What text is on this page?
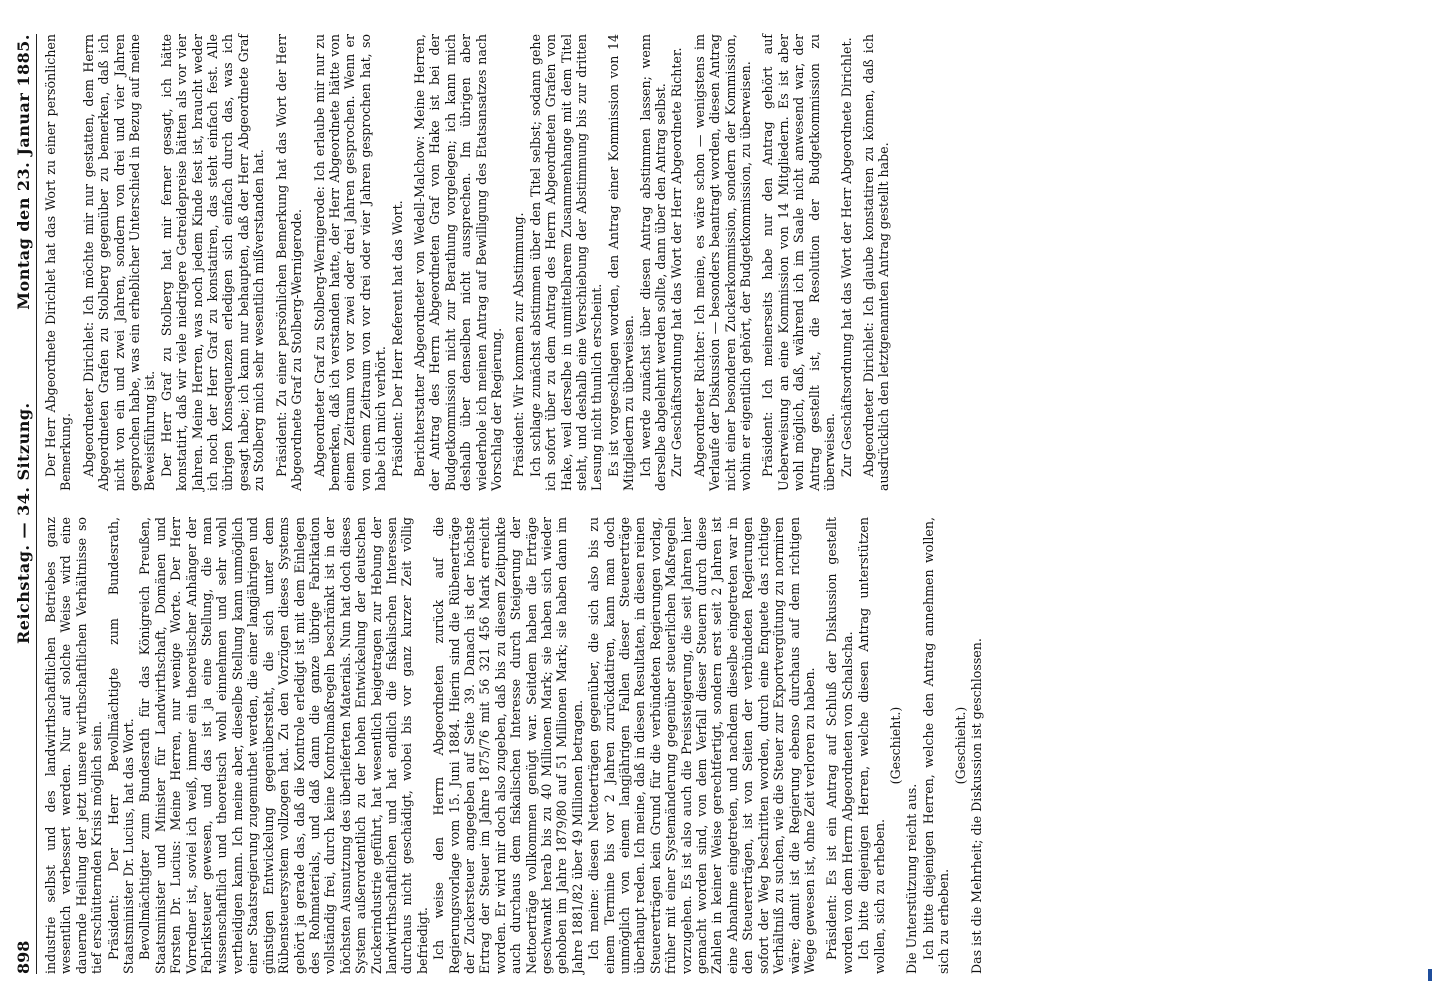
898
Reichstag. — 34. Sitzung.
Montag den 23. Januar 1885.

industrie selbst und des landwirthschaftlichen Betriebes ganz wesentlich verbessert werden. Nur auf solche Weise wird eine dauernde Heilung der jetzt unsere wirthschaftlichen Verhältnisse so tief erschütternden Krisis möglich sein. Präsident: Der Herr Bevollmächtigte zum Bundesrath, Staatsminister Dr. Lucius, hat das Wort. Bevollmächtigter zum Bundesrath für das Königreich Preußen, Staatsminister und Minister für Landwirthschaft, Domänen und Forsten Dr. Lucius: Meine Herren, nur wenige Worte. Der Herr Vorredner ist, soviel ich weiß, immer ein theoretischer Anhänger der Fabriksteuer gewesen, und das ist ja eine Stellung, die man wissenschaftlich und theoretisch wohl einnehmen und sehr wohl vertheidigen kann. Ich meine aber, dieselbe Stellung kann unmöglich einer Staatsregierung zugemuthet werden, die einer langjährigen und günstigen Entwickelung gegenübersteht, die sich unter dem Rübensteuersystem vollzogen hat. Zu den Vorzügen dieses Systems gehört ja gerade das, daß die Kontrole erledigt ist mit dem Einlegen des Rohmaterials, und daß dann die ganze übrige Fabrikation vollständig frei, durch keine Kontrolmaßregeln beschränkt ist in der höchsten Ausnutzung des überlieferten Materials. Nun hat doch dieses System außerordentlich zu der hohen Entwickelung der deutschen Zuckerindustrie geführt, hat wesentlich beigetragen zur Hebung der landwirthschaftlichen und hat endlich die fiskalischen Interessen durchaus nicht geschädigt, wobei bis vor ganz kurzer Zeit völlig befriedigt. Ich weise den Herrn Abgeordneten zurück auf die Regierungsvorlage vom 15. Juni 1884. Hierin sind die Rübenerträge der Zuckersteuer angegeben auf Seite 39. Danach ist der höchste Ertrag der Steuer im Jahre 1875/76 mit 56 321 456 Mark erreicht worden. Er wird mir doch also zugeben, daß bis zu diesem Zeitpunkte auch durchaus dem fiskalischen Interesse durch Steigerung der Nettoerträge vollkommen genügt war. Seitdem haben die Erträge geschwankt herab bis zu 40 Millionen Mark; sie haben sich wieder gehoben im Jahre 1879/80 auf 51 Millionen Mark; sie haben dann im Jahre 1881/82 über 49 Millionen betragen. Ich meine: diesen Nettoerträgen gegenüber, die sich also bis zu einem Termine bis vor 2 Jahren zurückdatiren, kann man doch unmöglich von einem langjährigen Fallen dieser Steuererträge überhaupt reden. Ich meine, daß in diesen Resultaten, in diesen reinen Steuererträgen kein Grund für die verbündeten Regierungen vorlag, früher mit einer Systemänderung gegenüber steuerlichen Maßregeln vorzugehen. Es ist also auch die Preissteigerung, die seit Jahren hier gemacht worden sind, von dem Verfall dieser Steuern durch diese Zahlen in keiner Weise gerechtfertigt, sondern erst seit 2 Jahren ist eine Abnahme eingetreten, und nachdem dieselbe eingetreten war in den Steuererträgen, ist von Seiten der verbündeten Regierungen sofort der Weg beschritten worden, durch eine Enquete das richtige Verhältniß zu suchen, wie die Steuer zur Exportvergütung zu normiren wäre; damit ist die Regierung ebenso durchaus auf dem richtigen Wege gewesen ist, ohne Zeit verloren zu haben. Präsident: Es ist ein Antrag auf Schluß der Diskussion gestellt worden von dem Herrn Abgeordneten von Schalscha. Ich bitte diejenigen Herren, welche diesen Antrag unterstützen wollen, sich zu erheben.

(Geschieht.)

Die Unterstützung reicht aus. Ich bitte diejenigen Herren, welche den Antrag annehmen wollen, sich zu erheben.

(Geschieht.) Das ist die Mehrheit; die Diskussion ist geschlossen.

Der Herr Abgeordnete Dirichlet hat das Wort zu einer persönlichen Bemerkung. Abgeordneter Dirichlet: Ich möchte mir nur gestatten, dem Herrn Abgeordneten Grafen zu Stolberg gegenüber zu bemerken, daß ich nicht von ein und zwei Jahren, sondern von drei und vier Jahren gesprochen habe, was ein erheblicher Unterschied in Bezug auf meine Beweisführung ist. Der Herr Graf zu Stolberg hat mir ferner gesagt, ich hätte konstatirt, daß wir viele niedrigere Getreidepreise hätten als vor vier Jahren. Meine Herren, was noch jedem Kinde fest ist, braucht weder ich noch der Herr Graf zu konstatiren, das steht einfach fest. Alle übrigen Konsequenzen erledigen sich einfach durch das, was ich gesagt habe; ich kann nur behaupten, daß der Herr Abgeordnete Graf zu Stolberg mich sehr wesentlich mißverstanden hat. Präsident: Zu einer persönlichen Bemerkung hat das Wort der Herr Abgeordnete Graf zu Stolberg-Wernigerode. Abgeordneter Graf zu Stolberg-Wernigerode: Ich erlaube mir nur zu bemerken, daß ich verstanden hatte, der Herr Abgeordnete hätte von einem Zeitraum von vor zwei oder drei Jahren gesprochen. Wenn er von einem Zeitraum von vor drei oder vier Jahren gesprochen hat, so habe ich mich verhört. Präsident: Der Herr Referent hat das Wort. Berichterstatter Abgeordneter von Wedell-Malchow: Meine Herren, der Antrag des Herrn Abgeordneten Graf von Hake ist bei der Budgetkommission nicht zur Berathung vorgelegen; ich kann mich deshalb über denselben nicht aussprechen. Im übrigen aber wiederhole ich meinen Antrag auf Bewilligung des Etatsansatzes nach Vorschlag der Regierung. Präsident: Wir kommen zur Abstimmung. Ich schlage zunächst abstimmen über den Titel selbst; sodann gehe ich sofort über zu dem Antrag des Herrn Abgeordneten Grafen von Hake, weil derselbe in unmittelbarem Zusammenhange mit dem Titel steht, und deshalb eine Verschiebung der Abstimmung bis zur dritten Lesung nicht thunlich erscheint. Es ist vorgeschlagen worden, den Antrag einer Kommission von 14 Mitgliedern zu überweisen. Ich werde zunächst über diesen Antrag abstimmen lassen; wenn derselbe abgelehnt werden sollte, dann über den Antrag selbst. Zur Geschäftsordnung hat das Wort der Herr Abgeordnete Richter. Abgeordneter Richter: Ich meine, es wäre schon — wenigstens im Verlaufe der Diskussion — besonders beantragt worden, diesen Antrag nicht einer besonderen Zuckerkommission, sondern der Kommission, wohin er eigentlich gehört, der Budgetkommission, zu überweisen. Präsident: Ich meinerseits habe nur den Antrag gehört auf Ueberweisung an eine Kommission von 14 Mitgliedern. Es ist aber wohl möglich, daß, während ich im Saale nicht anwesend war, der Antrag gestellt ist, die Resolution der Budgetkommission zu überweisen. Zur Geschäftsordnung hat das Wort der Herr Abgeordnete Dirichlet. Abgeordneter Dirichlet: Ich glaube konstatiren zu können, daß ich ausdrücklich den letztgenannten Antrag gestellt habe.
